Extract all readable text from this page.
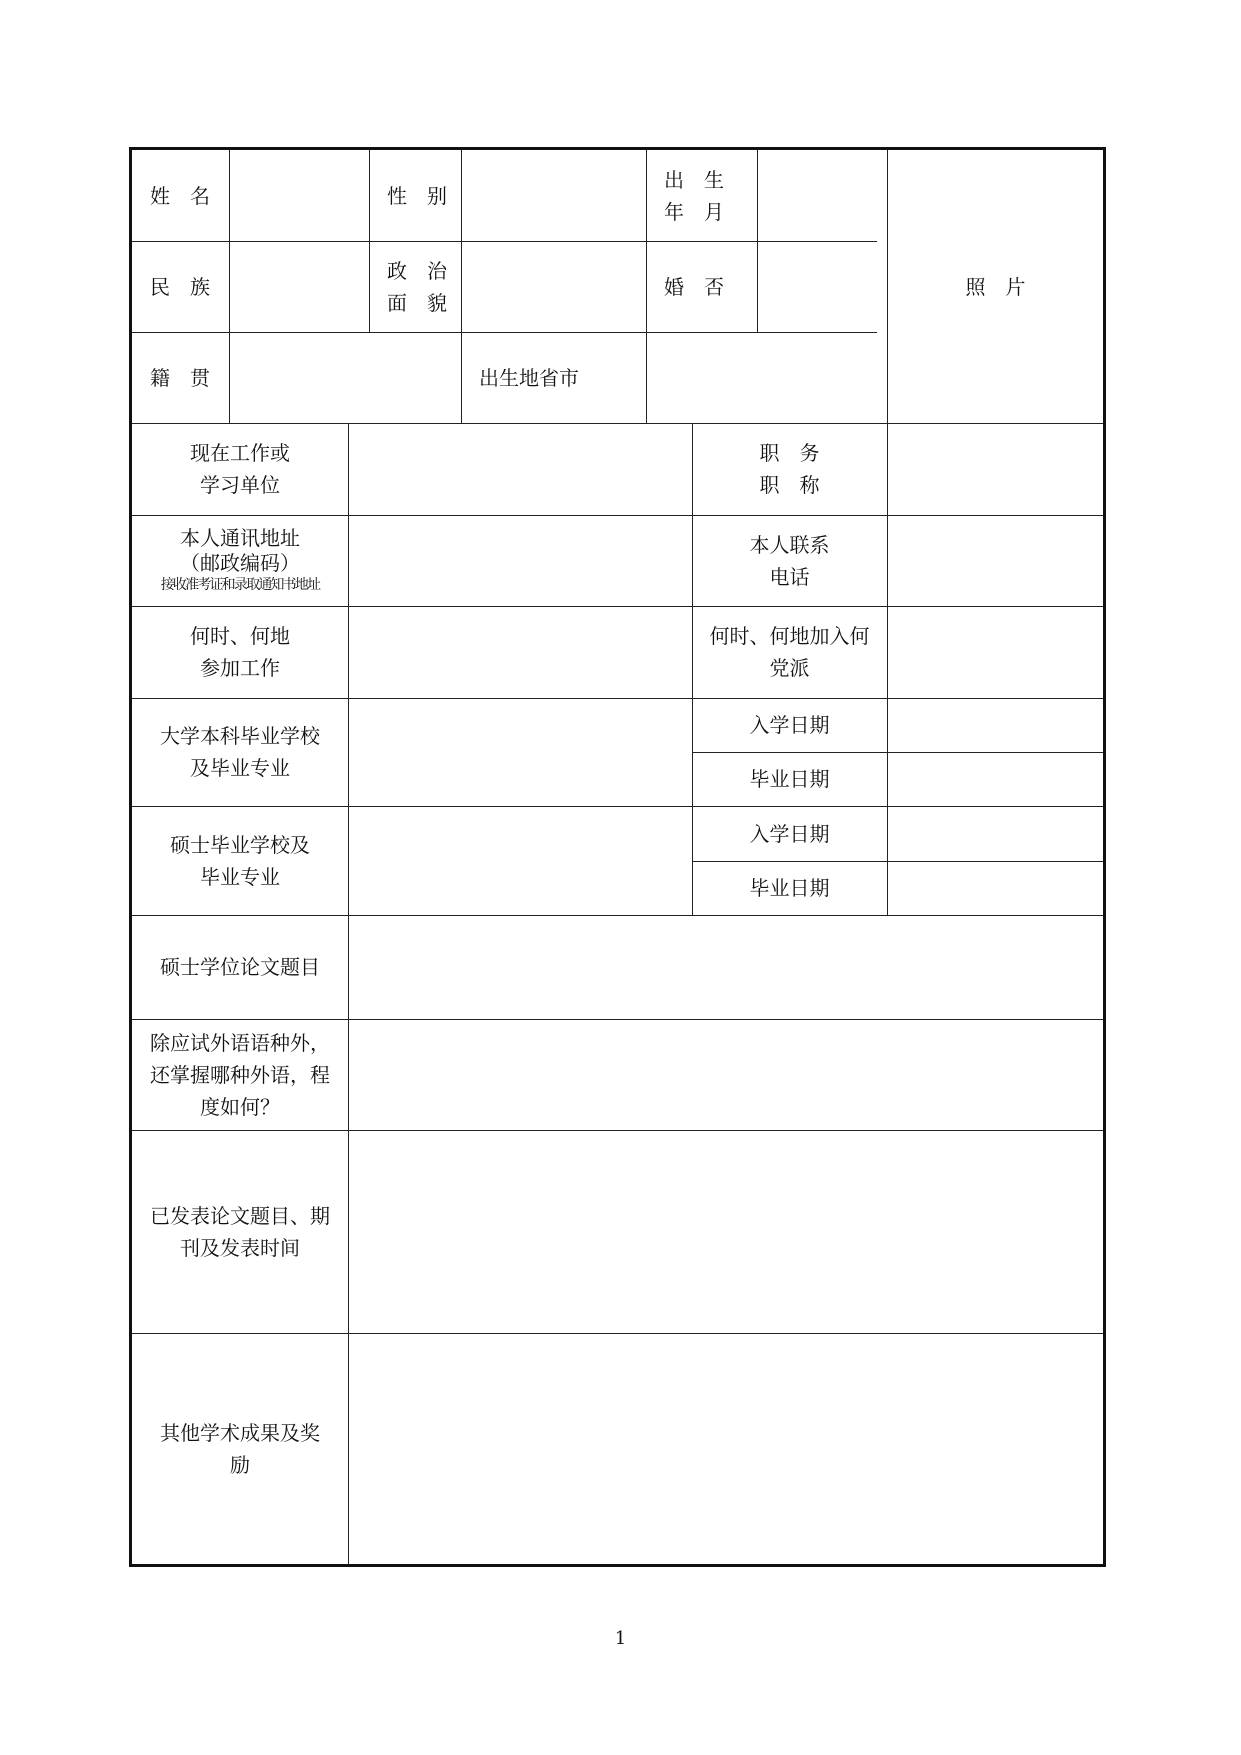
姓　名	性　别
出　生
年　月
照　片
民　族
政　治
面　貌
婚　否
籍　贯	出生地省市
现在工作或
学习单位
职　务
职　称
本人通讯地址
（邮政编码）
接收准考证和录取通知书地址
本人联系
电话
何时、何地
参加工作
何时、何地加入何
党派
大学本科毕业学校
及毕业专业
入学日期
毕业日期
硕士毕业学校及
毕业专业
入学日期
毕业日期
硕士学位论文题目
除应试外语语种外，
还掌握哪种外语，程
度如何？
已发表论文题目、期
刊及发表时间
其他学术成果及奖
励
1
